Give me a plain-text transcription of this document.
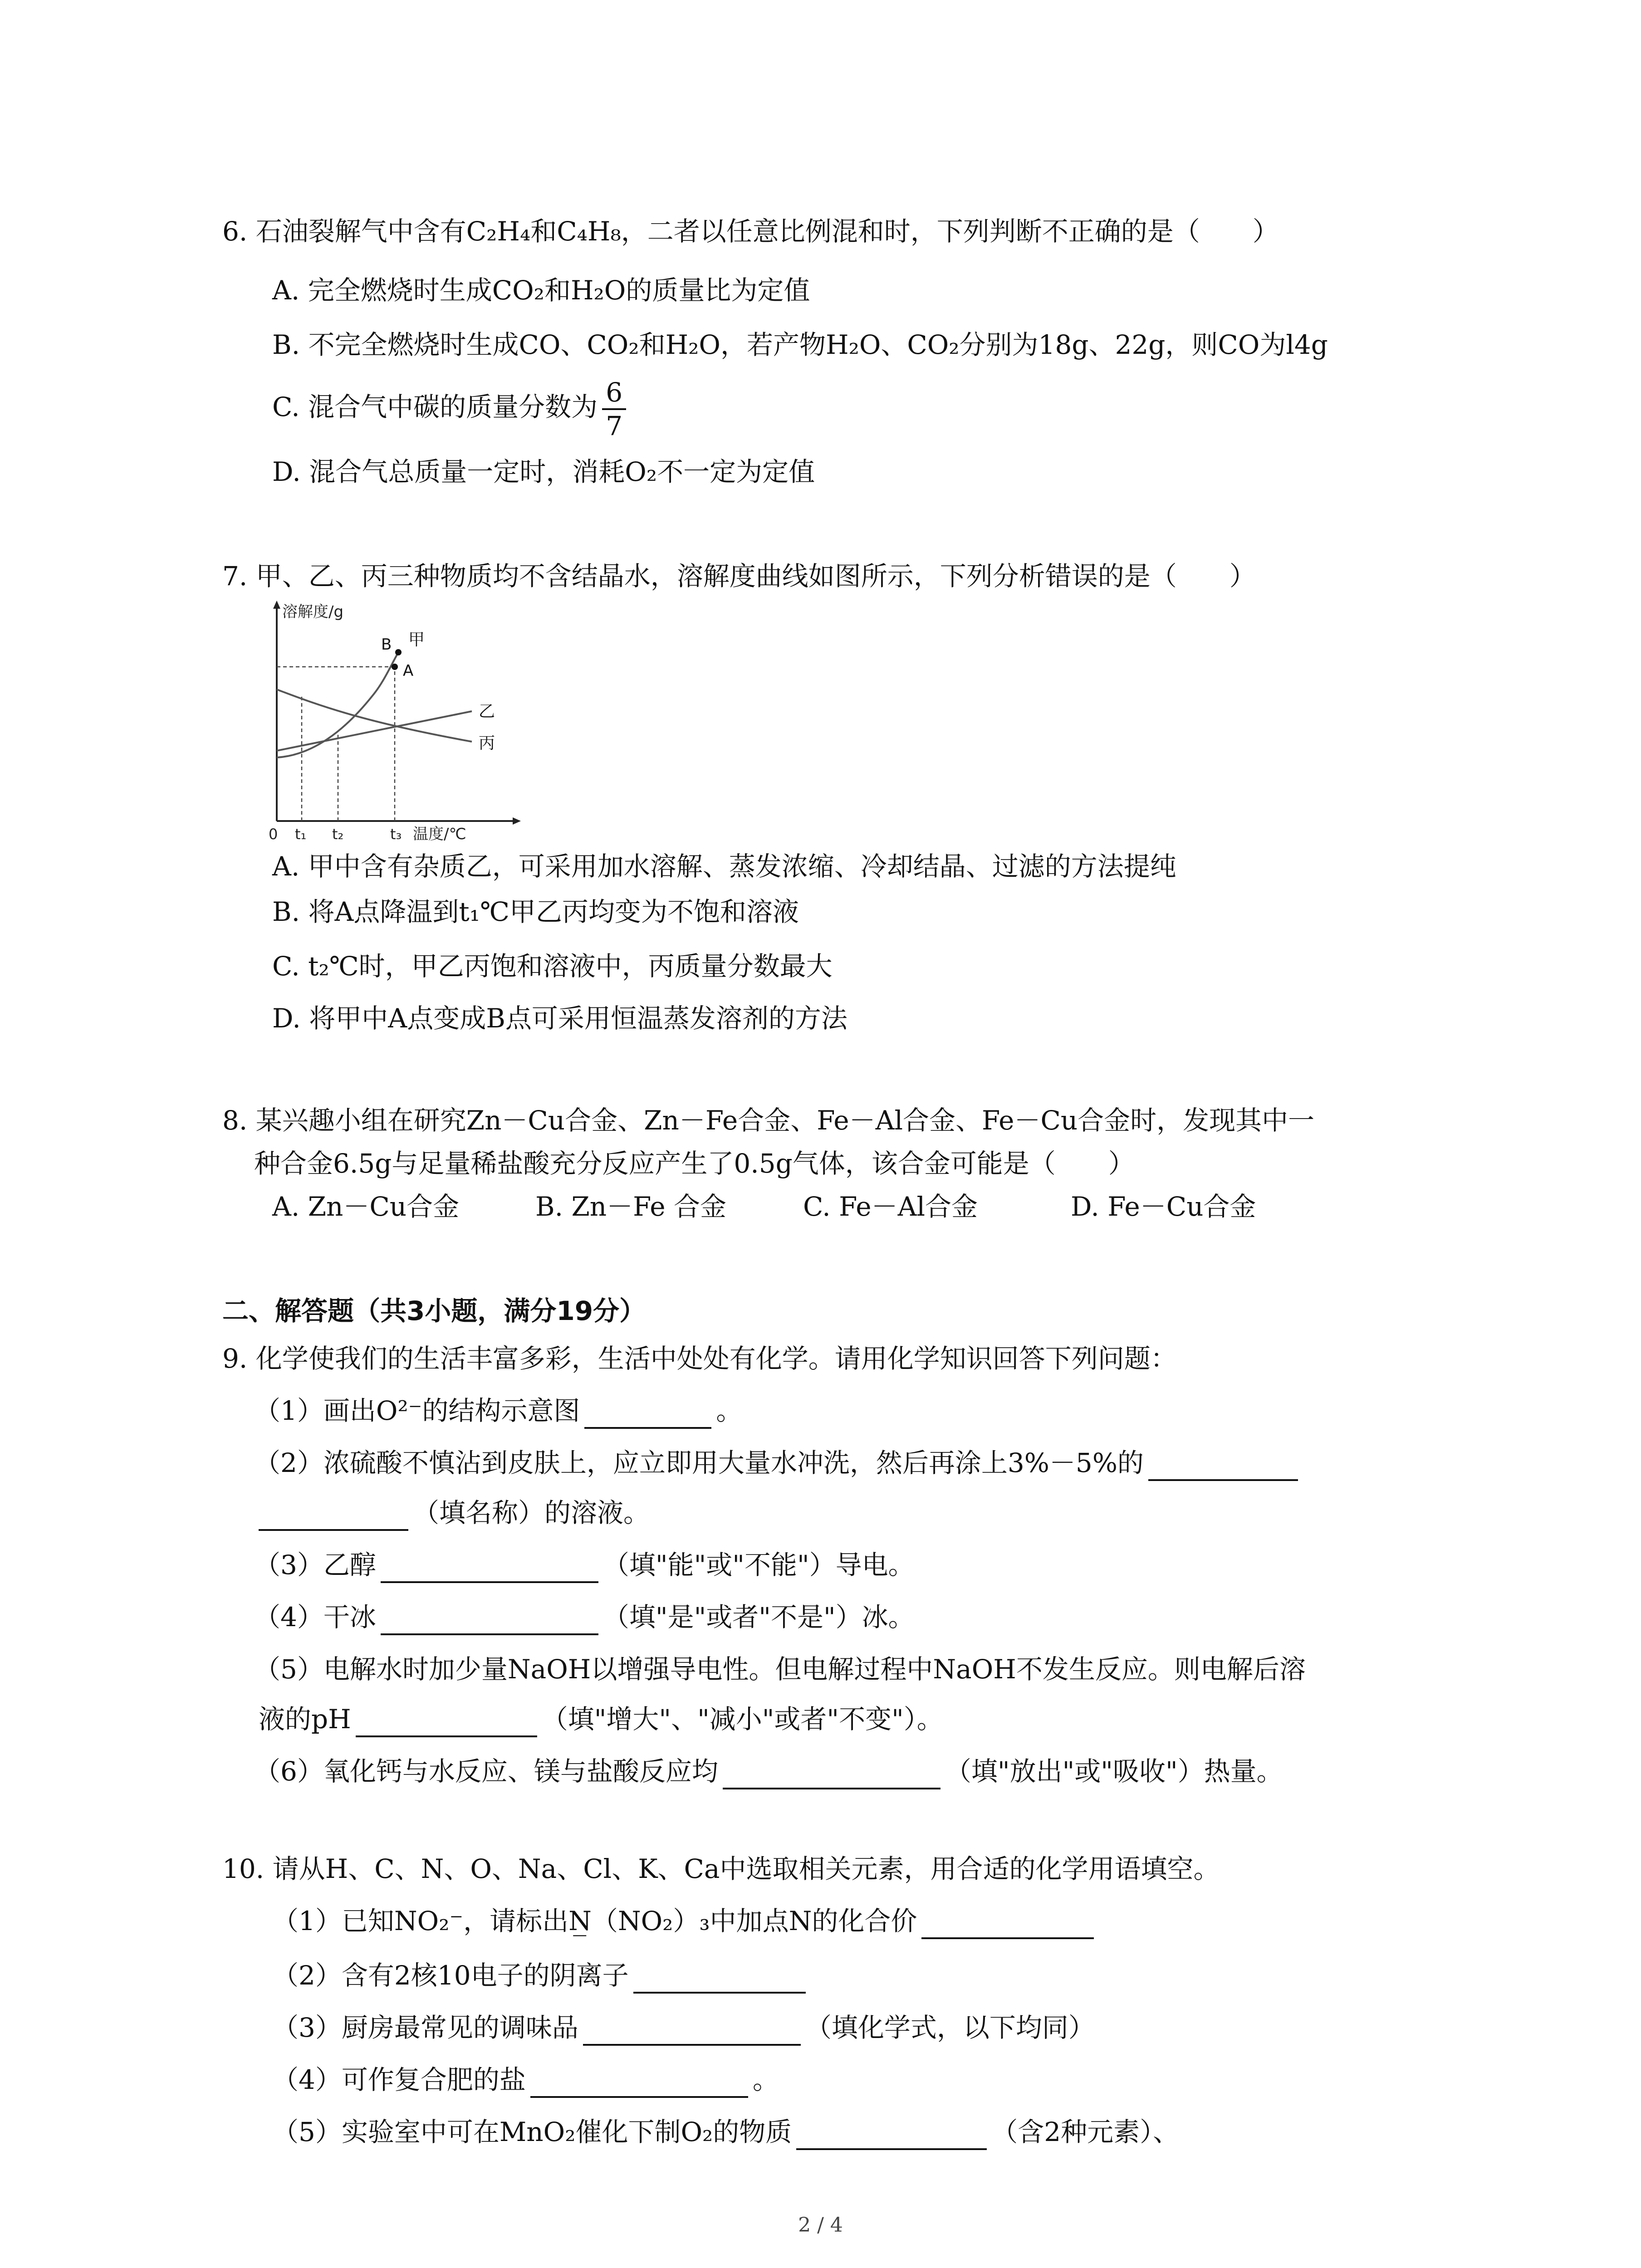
6. 石油裂解气中含有C₂H₄和C₄H₈，二者以任意比例混和时，下列判断不正确的是（　　）
A. 完全燃烧时生成CO₂和H₂O的质量比为定值
B. 不完全燃烧时生成CO、CO₂和H₂O，若产物H₂O、CO₂分别为18g、22g，则CO为l4g
C. 混合气中碳的质量分数为 $\frac{6}{7}$
D. 混合气总质量一定时，消耗O₂不一定为定值
7. 甲、乙、丙三种物质均不含结晶水，溶解度曲线如图所示，下列分析错误的是（　　）
溶解度/g
温度/℃
0 t₁ t₂	t₃
B
A
甲
乙
丙
A. 甲中含有杂质乙，可采用加水溶解、蒸发浓缩、冷却结晶、过滤的方法提纯
B. 将A点降温到t₁℃甲乙丙均变为不饱和溶液
C. t₂℃时，甲乙丙饱和溶液中，丙质量分数最大
D. 将甲中A点变成B点可采用恒温蒸发溶剂的方法
8. 某兴趣小组在研究Zn－Cu合金、Zn－Fe合金、Fe－Al合金、Fe－Cu合金时，发现其中一
种合金6.5g与足量稀盐酸充分反应产生了0.5g气体，该合金可能是（　　）
A. Zn－Cu合金	B. Zn－Fe 合金	C. Fe－Al合金	D. Fe－Cu合金
二、解答题（共3小题，满分19分）
9. 化学使我们的生活丰富多彩，生活中处处有化学。请用化学知识回答下列问题：
（1）画出O²⁻的结构示意图	。
（2）浓硫酸不慎沾到皮肤上，应立即用大量水冲洗，然后再涂上3%－5%的
（填名称）的溶液。
（3）乙醇	（填"能"或"不能"）导电。
（4）干冰	（填"是"或者"不是"）冰。
（5）电解水时加少量NaOH以增强导电性。但电解过程中NaOH不发生反应。则电解后溶
液的pH	（填"增大"、"减小"或者"不变"）。
（6）氧化钙与水反应、镁与盐酸反应均	（填"放出"或"吸收"）热量。
10. 请从H、C、N、O、Na、Cl、K、Ca中选取相关元素，用合适的化学用语填空。
（1）已知NO₂⁻，请标出N̲（NO₂）₃中加点N的化合价
（2）含有2核10电子的阴离子
（3）厨房最常见的调味品	（填化学式，以下均同）
（4）可作复合肥的盐	。
（5）实验室中可在MnO₂催化下制O₂的物质	（含2种元素）、
2 / 4
